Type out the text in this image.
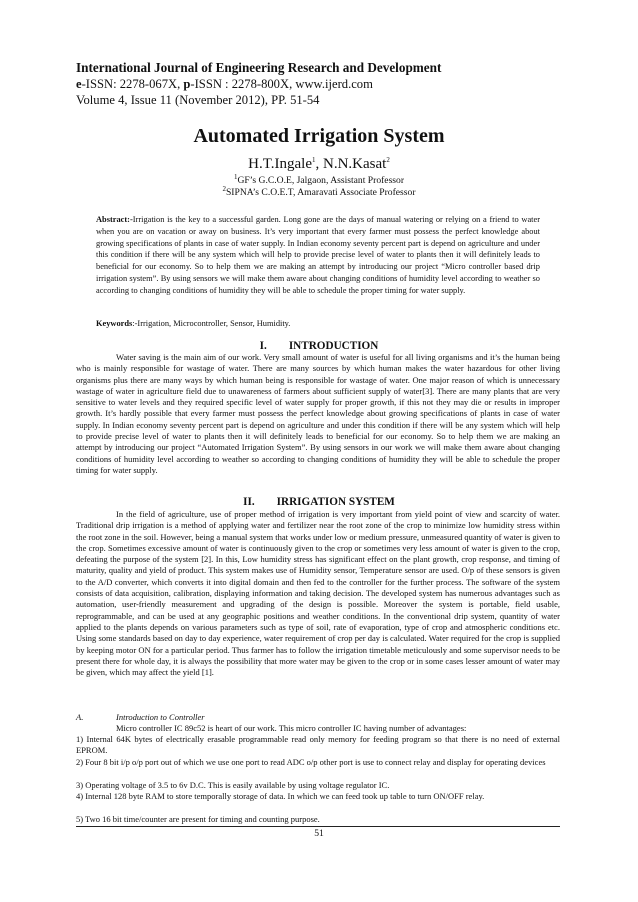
International Journal of Engineering Research and Development
e-ISSN: 2278-067X, p-ISSN : 2278-800X, www.ijerd.com
Volume 4, Issue 11 (November 2012), PP. 51-54
Automated Irrigation System
H.T.Ingale$^1$, N.N.Kasat$^2$
$^1$GF’s G.C.O.E, Jalgaon, Assistant Professor
$^2$SIPNA’s C.O.E.T, Amaravati Associate Professor
Abstract:-Irrigation is the key to a successful garden. Long gone are the days of manual watering or relying on a friend to water when you are on vacation or away on business. It’s very important that every farmer must possess the perfect knowledge about growing specifications of plants in case of water supply. In Indian economy seventy percent part is depend on agriculture and under this condition if there will be any system which will help to provide precise level of water to plants then it will definitely leads to beneficial for our economy. So to help them we are making an attempt by introducing our project “Micro controller based drip irrigation system”. By using sensors we will make them aware about changing conditions of humidity level according to weather so according to changing conditions of humidity they will be able to schedule the proper timing for water supply.
Keywords:-Irrigation, Microcontroller, Sensor, Humidity.
I. INTRODUCTION
Water saving is the main aim of our work. Very small amount of water is useful for all living organisms and it’s the human being who is mainly responsible for wastage of water. There are many sources by which human makes the water hazardous for other living organisms plus there are many ways by which human being is responsible for wastage of water. One major reason of which is unnecessary wastage of water in agriculture field due to unawareness of farmers about sufficient supply of water[3]. There are many plants that are very sensitive to water levels and they required specific level of water supply for proper growth, if this not they may die or results in improper growth. It’s hardly possible that every farmer must possess the perfect knowledge about growing specifications of plants in case of water supply. In Indian economy seventy percent part is depend on agriculture and under this condition if there will be any system which will help to provide precise level of water to plants then it will definitely leads to beneficial for our economy. So to help them we are making an attempt by introducing our project “Automated Irrigation System”. By using sensors in our work we will make them aware about changing conditions of humidity level according to weather so according to changing conditions of humidity they will be able to schedule the proper timing for water supply.
II. IRRIGATION SYSTEM
In the field of agriculture, use of proper method of irrigation is very important from yield point of view and scarcity of water. Traditional drip irrigation is a method of applying water and fertilizer near the root zone of the crop to minimize low humidity stress within the root zone in the soil. However, being a manual system that works under low or medium pressure, unmeasured quantity of water is given to the crop. Sometimes excessive amount of water is continuously given to the crop or sometimes very less amount of water is given to the crop, defeating the purpose of the system [2]. In this, Low humidity stress has significant effect on the plant growth, crop response, and timing of maturity, quality and yield of product. This system makes use of Humidity sensor, Temperature sensor are used. O/p of these sensors is given to the A/D converter, which converts it into digital domain and then fed to the controller for the further process. The software of the system consists of data acquisition, calibration, displaying information and taking decision. The developed system has numerous advantages such as automation, user-friendly measurement and upgrading of the design is possible. Moreover the system is portable, field usable, reprogrammable, and can be used at any geographic positions and weather conditions. In the conventional drip system, quantity of water applied to the plants depends on various parameters such as type of soil, rate of evaporation, type of crop and atmospheric conditions etc. Using some standards based on day to day experience, water requirement of crop per day is calculated. Water required for the crop is supplied by keeping motor ON for a particular period. Thus farmer has to follow the irrigation timetable meticulously and some supervisor needs to be present there for whole day, it is always the possibility that more water may be given to the crop or in some cases lesser amount of water may be given, which may affect the yield [1].
A.	Introduction to Controller
Micro controller IC 89c52 is heart of our work. This micro controller IC having number of advantages:
1) Internal 64K bytes of electrically erasable programmable read only memory for feeding program so that there is no need of external EPROM.
2) Four 8 bit i/p o/p port out of which we use one port to read ADC o/p other port is use to connect relay and display for operating devices
3) Operating voltage of 3.5 to 6v D.C. This is easily available by using voltage regulator IC.
4) Internal 128 byte RAM to store temporally storage of data. In which we can feed took up table to turn ON/OFF relay.
5) Two 16 bit time/counter are present for timing and counting purpose.
51
